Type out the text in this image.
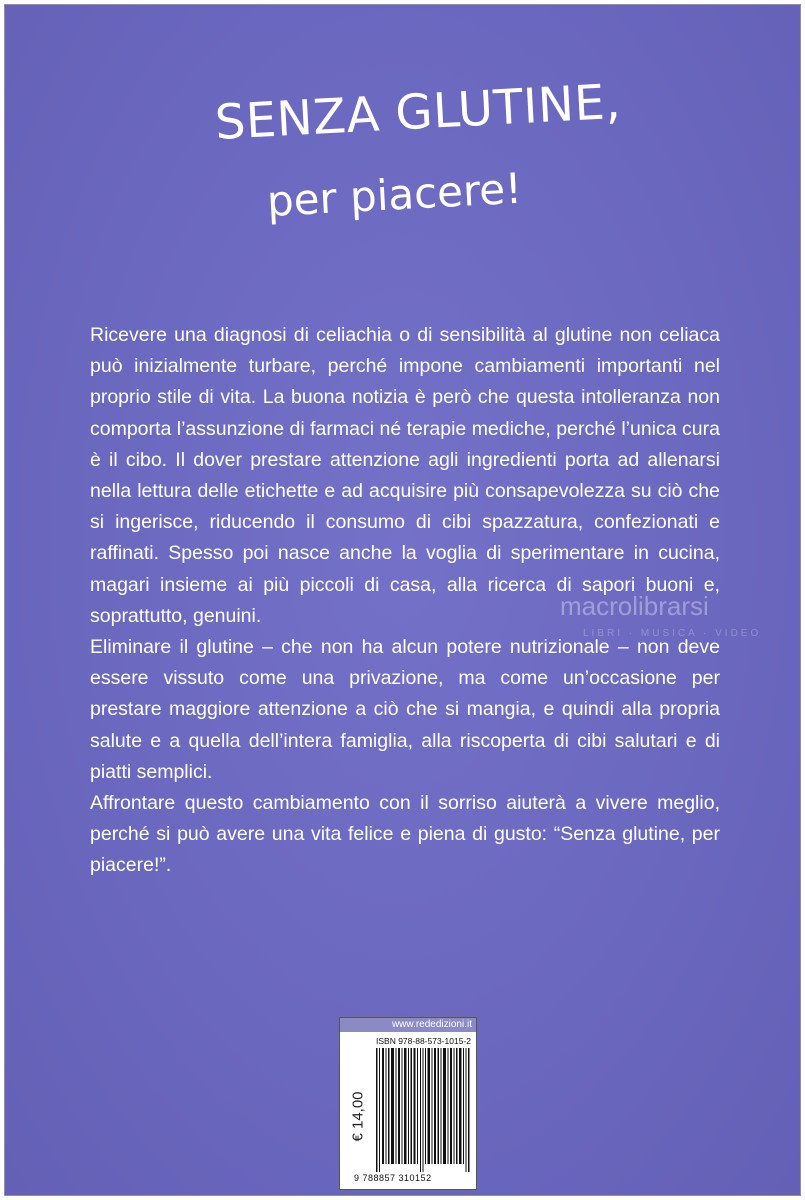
SENZA GLUTINE,
per piacere!

Ricevere una diagnosi di celiachia o di sensibilità al glutine non celiaca può inizialmente turbare, perché impone cambiamenti importanti nel proprio stile di vita. La buona notizia è però che questa intolleranza non comporta l’assunzione di farmaci né terapie mediche, perché l’unica cura è il cibo. Il dover prestare attenzione agli ingredienti porta ad allenarsi nella lettura delle etichette e ad acquisire più consapevolezza su ciò che si ingerisce, riducendo il consumo di cibi spazzatura, confezionati e raffinati. Spesso poi nasce anche la voglia di sperimentare in cucina, magari insieme ai più piccoli di casa, alla ricerca di sapori buoni e, soprattutto, genuini.

Eliminare il glutine – che non ha alcun potere nutrizionale – non deve essere vissuto come una privazione, ma come un’occasione per prestare maggiore attenzione a ciò che si mangia, e quindi alla propria salute e a quella dell’intera famiglia, alla riscoperta di cibi salutari e di piatti semplici.

Affrontare questo cambiamento con il sorriso aiuterà a vivere meglio, perché si può avere una vita felice e piena di gusto: “Senza glutine, per piacere!”.

macrolibrarsi
LIBRI · MUSICA · VIDEO
www.rededizioni.it
€ 14,00
ISBN 978-88-573-1015-2
9 788857 310152
